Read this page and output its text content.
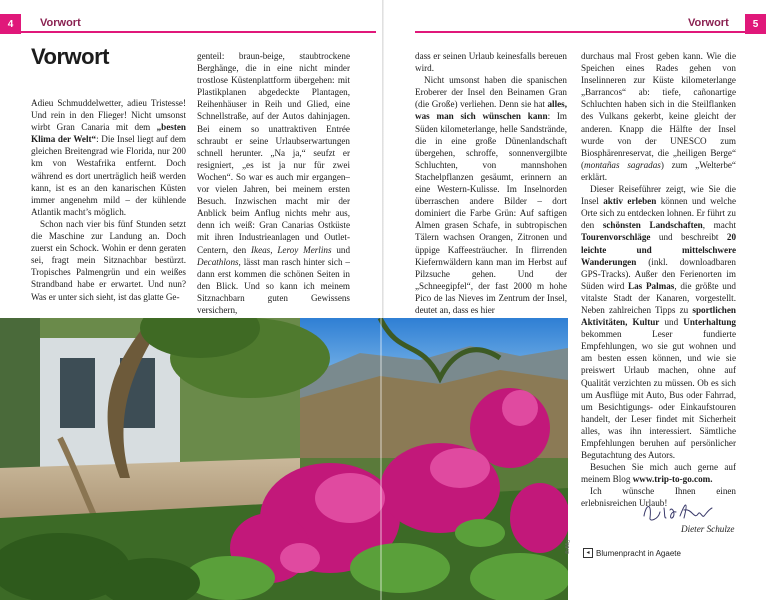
4	Vorwort	5
Vorwort
Vorwort

Adieu Schmuddelwetter, adieu Tristesse! Und rein in den Flieger! Nicht umsonst wirbt Gran Canaria mit dem „besten Klima der Welt“: Die Insel liegt auf dem gleichen Breitengrad wie Florida, nur 200 km von Westafrika entfernt. Doch während es dort unerträglich heiß werden kann, ist es an den kanarischen Küsten immer angenehm mild – der kühlende Atlantik macht’s möglich.

Schon nach vier bis fünf Stunden setzt die Maschine zur Landung an. Doch zuerst ein Schock. Wohin er denn geraten sei, fragt mein Sitznachbar bestürzt. Tropisches Palmengrün und ein weißes Strandband habe er erwartet. Und nun? Was er unter sich sieht, ist das glatte Ge-

genteil: braun-beige, staubtrockene Berghänge, die in eine nicht minder trostlose Küstenplattform übergehen: mit Plastikplanen abgedeckte Plantagen, Reihenhäuser in Reih und Glied, eine Schnellstraße, auf der Autos dahinjagen. Bei einem so unattraktiven Entrée schraubt er seine Urlaubserwartungen schnell herunter. „Na ja,“ seufzt er resigniert, „es ist ja nur für zwei Wochen“. So war es auch mir ergangen– vor vielen Jahren, bei meinem ersten Besuch. Inzwischen macht mir der Anblick beim Anflug nichts mehr aus, denn ich weiß: Gran Canarias Ostküste mit ihren Industrieanlagen und Outlet-Centern, den Ikeas, Leroy Merlins und Decathlons, lässt man rasch hinter sich – dann erst kommen die schönen Seiten in den Blick. Und so kann ich meinem Sitznachbarn guten Gewissens versichern,

dass er seinen Urlaub keinesfalls bereuen wird.

Nicht umsonst haben die spanischen Eroberer der Insel den Beinamen Gran (die Große) verliehen. Denn sie hat alles, was man sich wünschen kann: Im Süden kilometerlange, helle Sandstrände, die in eine große Dünenlandschaft übergehen, schroffe, sonnenvergilbte Schluchten, von mannshohen Stachelpflanzen gesäumt, erinnern an eine Western-Kulisse. Im Inselnorden überraschen andere Bilder – dort dominiert die Farbe Grün: Auf saftigen Almen grasen Schafe, in subtropischen Tälern wachsen Orangen, Zitronen und üppige Kaffeesträucher. In flirrenden Kiefernwäldern kann man im Herbst auf Pilzsuche gehen. Und der „Schneegipfel“, der fast 2000 m hohe Pico de las Nieves im Zentrum der Insel, deutet an, dass es hier

durchaus mal Frost geben kann. Wie die Speichen eines Rades gehen von Inselinneren zur Küste kilometerlange „Barrancos“ ab: tiefe, cañonartige Schluchten haben sich in die Steilflanken des Vulkans gekerbt, keine gleicht der anderen. Knapp die Hälfte der Insel wurde von der UNESCO zum Biosphärenreservat, die „heiligen Berge“ (montañas sagradas) zum „Welterbe“ erklärt.

Dieser Reiseführer zeigt, wie Sie die Insel aktiv erleben können und welche Orte sich zu entdecken lohnen. Er führt zu den schönsten Landschaften, macht Tourenvorschläge und beschreibt 20 leichte und mittelschwere Wanderungen (inkl. downloadbaren GPS-Tracks). Außer den Ferienorten im Süden wird Las Palmas, die größte und vitalste Stadt der Kanaren, vorgestellt. Neben zahlreichen Tipps zu sportlichen Aktivitäten, Kultur und Unterhaltung bekommen Leser fundierte Empfehlungen, wo sie gut wohnen und am besten essen können, und wie sie preiswert Urlaub machen, ohne auf Qualität verzichten zu müssen. Ob es sich um Ausflüge mit Auto, Bus oder Fahrrad, um Besichtigungs- oder Einkaufstouren handelt, der Leser findet mit Sicherheit alles, was ihn interessiert. Sämtliche Empfehlungen beruhen auf persönlicher Begutachtung des Autors.

Besuchen Sie mich auch gerne auf meinem Blog www.trip-to-go.com.

Ich wünsche Ihnen einen erlebnisreichen Urlaub!

Dieter Schulze
0ggcg	◂ Blumenpracht in Agaete
